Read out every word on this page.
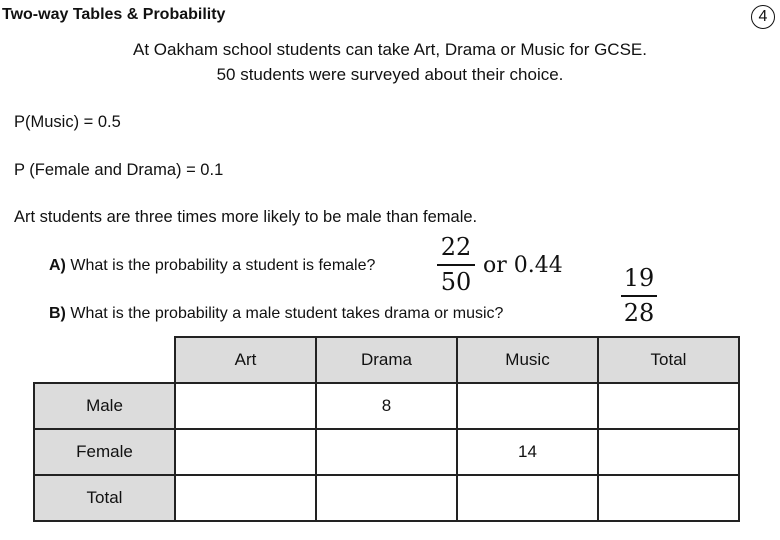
Two-way Tables & Probability	4
At Oakham school students can take Art, Drama or Music for GCSE.
50 students were surveyed about their choice.
P(Music) = 0.5
P (Female and Drama) = 0.1
Art students are three times more likely to be male than female.
A) What is the probability a student is female?
B) What is the probability a male student takes drama or music?
22
50
or 0.44	19
28
	Art	Drama	Music	Total
Male		8		
Female			14	
Total				
